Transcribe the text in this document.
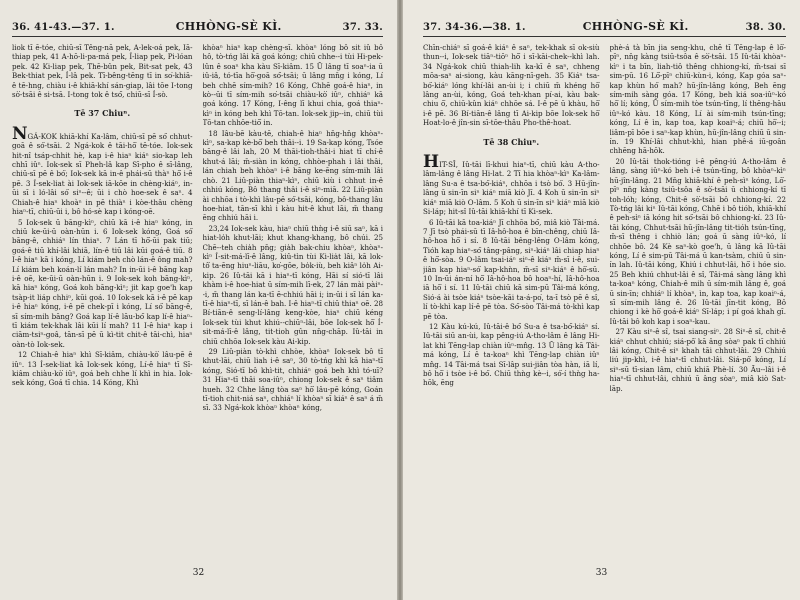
36. 41-43.—37. 1.	CHHÒNG-SÈ KÌ.	37. 33.

liok tī ē-tóe, chiū-sī Têng-nā pek, A-lek-oá pek, Iā-thiap pek, 41 A-hō-li-pa-má pek, Í-liap pek, Pi-lóan pek. 42 Ki-liap pek, Thē-bûn pek, Bit-sat pek, 43 Bek-thiat pek, Í-lâ pek. Tī-bêng-tēng tī in so͘-khiā-ê tē-hng, chiàu i-ê khiā-khí sán-giap, lâi tōe I-tong sò͘-tsāi ê si-tsā. I-tong tok ê tsó͘, chiū-sī Í-sò.

Tē 37 Chiuⁿ.

NGÁ-KOK khiā-khí Ka-lâm, chiū-sī pē só͘ chhut-goā ê só͘-tsāi. 2 Ngá-kok ê tāi-hō͘ tē-tóe. Iok-sek hit-nî tsáp-chhit hè, kap i-ê hiaⁿ kiáⁿ sio-kap leh chhī iûⁿ. Iok-sek sī Pheh-lâ kap Sī-pho ê sī-lâng, chiū-sī pē ê bó͘; Iok-sek kā in-ê phái-sū thàⁿ hō͘ i-ê pē. 3 Í-sek-liat ài Iok-sek iā-kōe in chèng-kiáⁿ, in-ūi sī i ló-lâi só͘ siⁿ--ê; ūi i chò hoe-sek ê saⁿ. 4 Chiah-ê hiaⁿ khoàⁿ in pē thiàⁿ i kòe-thâu chèng hiaⁿ-tī, chiū-ūi i, bô hó-sè kap i kóng-oē.

5 Iok-sek ū bāng-kìⁿ, chiū kā i-ê hiaⁿ kóng, in chiū ke-ūi-ū oàn-hūn i. 6 Iok-sek kóng, Goá só͘ bāng-ê, chhiáⁿ lín thiaⁿ. 7 Lán tī hō͘-ūi pak tiū; goá-ê tiū khí-lâi khiā, lín-ê tiū lâi kūi goá-ê tiū. 8 I-ê hiaⁿ kā i kóng, Lí kiám beh chò lán-ê ông mah? Lí kiám beh koán-lí lán mah? In in-ūi i-ê bāng kap i-ê oē, ke-ūi-ū oàn-hūn i. 9 Iok-sek koh bāng-kìⁿ, kā hiaⁿ kóng, Goá koh bāng-kìⁿ; jit kap goe'h kap tsàp-it liáp chhiⁿ, kūi goá. 10 Iok-sek kā i-ê pē kap i-ê hiaⁿ kóng, i-ê pē chek-pī i kóng, Lí só͘ bāng-ê, sī sím-mih bāng? Goá kap lí-ê lāu-bó͘ kap lí-ê hiaⁿ-tī kiám tek-khak lâi kūi lí mah? 11 I-ê hiaⁿ kap i ciām-tsiⁿ-goâ, tān-sī pē ū kì-tit chit-ê tāi-chì, hiaⁿ oàn-tò Iok-sek.

12 Chiah-ê hiaⁿ khì Sī-kiâm, chiàu-kò͘ lâu-pē ê iûⁿ. 13 Í-sek-liat kā Iok-sek kóng, Lí-ê hiaⁿ tī Sī-kiâm chiàu-kò͘ iûⁿ, goá beh chhe lí khì in hia. Iok-sek kóng, Goá tī chia. 14 Kóng, Khì

khòaⁿ hiaⁿ kap chèng-sī. khòaⁿ lóng bô sit iû bô hô, tò-tńg lâi kā goá kóng; chiū chhe--i tùi Hi-pek-lûn ê soaⁿ kha kàu Sī-kiâm. 15 Ū lâng tī soaⁿ-ia ū iû-iâ, tó-tīa hō͘-goā só͘-tsāi; ū lâng mn̄g i kóng, Lí beh chhē sím-mih? 16 Kóng, Chhē goá-ê hiaⁿ, in kò--ūi tī sím-mih so͘-tsāi chiàu-kò͘ iûⁿ, chhiáⁿ kā goá kóng. 17 Kóng, I-êng lī khui chia, goá thiaⁿ-kìⁿ in kóng beh khì Tō-tan. Iok-sek jip--in, chiū tùi Tō-tan chhōe-tiō͘ in.

18 Iâu-bē kàu-tē, chiah-ê hiaⁿ hn̄g-hn̄g khòaⁿ-kìⁿ, sa-kap kè-bō͘ beh thâi--i. 19 Sa-kap kóng, Tsóe bāng-ê lâi lah, 20 M thāi-tioh-thâi-i hiat tī chí-ê khut-á lāi; m̄-siàn in kóng, chhòe-phah i lâi thâi, lán chiah beh khòaⁿ i-ê bāng ke-ēng sím-mih lâi chò. 21 Liû-piàn thiaⁿ-kìⁿ, chiū kiù i chhut in-ê chhiú kóng, Bô thang thâi i-ê sìⁿ-miā. 22 Liû-piàn ài chhōa i tò-khì lâu-pē só͘-tsāi, kóng, bô-thang lâu hoe-hiat, tān-sī khì i kàu hit-ê khut lāi, m̄ thang ēng chhiú hāi i.

23,24 Iok-sek kàu, hiaⁿ chiū thǹg i-ê siū saⁿ, kā i hiat-lo̍h khut-lāi; khut khang-khang, bô chúi. 25 Chē--teh chia̍h pn̄g; gia̍h bak-chiu khòaⁿ, khòaⁿ-kìⁿ Í-sit-má-lī-ê lâng, kiû-tìn tùi Ki-lia̍t lâi, kā lok-tô͘ ta-ēng hiuⁿ-liāu, ko͘-gōe, bo̍k-iù, beh kiâⁿ lo̍h Ai-kip. 26 Iû-tāi kā i hiaⁿ-tī kóng, Hāi sí sió-tī lâi khàm i-ê hoe-hiat ū sím-mih lī-ek, 27 lán mài pàiⁿ--i, m̄ thang lán ka-tī ē-chhiú hāi i; in-ūi i sī lán ka-tī-ê hiaⁿ-tī, sī lán-ê bah. I-ê hiaⁿ-tī chiū thiaⁿ oē. 28 Bí-tiān-ê seng-lí-lâng keng-kòe, hiaⁿ chiū kéng Iok-sek tùi khut khiú--chiūⁿ-lâi, bōe Iok-sek hō͘ Í-sit-má-lī-ê lâng, tit-tioh gûn nn̄g-chāp. Iû-tāi in chiū chhōa Iok-sek kàu Ai-kip.

29 Liû-piàn tò-khì chhòe, khòaⁿ Iok-sek bô tī khut-lāi, chiū liah i-ê saⁿ, 30 tò-tńg khì kā hiaⁿ-tī kóng, Sió-tī bô khì-tit, chhiáⁿ goá beh khì tó-uī? 31 Hiaⁿ-tī thâi soa-iûⁿ, chiong Iok-sek ê saⁿ tiâm hueh. 32 Chhe lâng tòa saⁿ hō͘ lâu-pē kóng, Goán tī-tioh chit-niá saⁿ, chhiáⁿ lí khòaⁿ sī kiáⁿ ê saⁿ á m̄ sī. 33 Ngá-kok khòaⁿ khòaⁿ kóng,

32
37. 34-36.—38. 1.	CHHÒNG-SÈ KÌ.	38. 30.

Chīn-chiáⁿ sī goá-ê kiáⁿ ê saⁿ, tek-khak sī ok-siù thun--i, Iok-sek tiāⁿ-tiōⁿ hō͘ i sī-kāi-chek--khì lah. 34 Ngá-kok chiū thiah-lih ka-kī ê saⁿ, chheng mōa-saⁿ ai-siong, kàu kāng-nī-geh. 35 Kiáⁿ tsa-bó͘-kiáⁿ lóng khí-lâi an-ùi i; i chiū m̄ khéng hō͘ lâng an-ùi, kóng, Goá teh-khan pí-ai, kàu bak-chiu ō͘, chiū-kûn kiáⁿ chhōe sá. I-ê pē ū khàu, hō͘ i-ê pē. 36 Bí-tiān-ê lâng tī Ai-kip bōe Iok-sek hō͘ Hoat-lo-ê jîn-sin sī-tōe-thâu Pho-thê-hoat.

Tē 38 Chiuⁿ.

HIT-SÎ, Iû-tāi lī-khui hiaⁿ-tī, chiū kàu A-tho-lâm-lâng ê lâng Hi-lat. 2 Tī hia khòaⁿ-kìⁿ Ka-lâm-lâng Su-a ê tsa-bó͘-kiáⁿ, chhōa i tsò bó͘. 3 Hū-jîn-lâng ū sin-īn siⁿ kiáⁿ miā kiò Jī. 4 Koh ū sin-īn siⁿ kiáⁿ miā kiò O-lâm. 5 Koh ū sin-īn siⁿ kiáⁿ miā kiò Si-láp; hit-sî Iû-tāi khiā-khí tī Ki-sek.

6 Iû-tāi kā toa-kiáⁿ Jī chhōa bó͘, miâ kiò Tâi-má. 7 Jī tsò phái-sū tī Iâ-hô-hoa ê bīn-chêng, chiū Iâ-hô-hoa hō͘ i sí. 8 Iû-tāi bêng-lêng O-lâm kóng, Tióh kap hiaⁿ-só͘ tâng-pâng, siⁿ-kiáⁿ lâi chiap hiaⁿ ê hō͘-sòa. 9 O-lâm tsai-iáⁿ siⁿ-ê kiáⁿ m̄-sī i-ê, sui-jiân kap hiaⁿ-só͘ kap-khǹn, m̄-sī siⁿ-kiáⁿ ê hō͘-sū. 10 In-ūi án-ní hō͘ Iâ-hô-hoa bô hoaⁿ-hí, Iâ-hô-hoa iā hō͘ i sí. 11 Iû-tāi chiū kā sim-pū Tâi-má kóng, Sió-á ài tsòe kiáⁿ tsòe-kāi ta-á-po͘, ta-ī tsò pē ê sî, lí tò-khì kap lí-ê pē tòa. Só͘-sòo Tâi-má tò-khì kap pē tòa.

12 Kàu kú-kú, Iû-tāi-ê bó͘ Su-a ê tsa-bó͘-kiáⁿ sí. Iû-tāi siū an-ùi, kap pêng-iú A-tho-lâm ê lâng Hi-lat khì Tēng-lap chiàn iûⁿ-mn̂g. 13 Ū lâng kā Tâi-má kóng, Lí ê ta-koaⁿ khì Tēng-lap chiàn iûⁿ mn̂g. 14 Tâi-má tsai Sī-lâp sui-jiân tòa hàn, iā lí, bô hō͘ i tsòe i-ê bó͘. Chiū thǹg kè--i, só͘-í thǹg ha-hōk, ēng

phè-á tà bīn jia seng-khu, chē tī Tēng-lap ê lō͘-pīⁿ, nn̄g kàng tsiū-tsôa ê sò͘-tsāi. 15 Iû-tāi khòaⁿ-kìⁿ i ta bīn, liah-tiô thêng chhiong-kí, m̄-tsai sī sim-pū. 16 Lō͘-pīⁿ chiū-kùn-i, kóng, Kap góa saⁿ-kap khùn hó͘ mah? hū-jîn-lâng kóng, Beh ēng sím-mih sàng góa. 17 Kóng, beh kiá soa-iûⁿ-kó hō͘ lí; kóng, Ū sím-mih tòe tsún-tīng, lí thēng-hāu iûⁿ-kó kàu. 18 Kóng, Lí ài sím-mih tsún-tīng; kóng, Lí ê ìn, kap toa, kap koaiⁿ-á; chiū hō͘--i; liâm-pī bōe i saⁿ-kap khùn, hū-jîn-lâng chiū ū sin-īn. 19 Khí-lâi chhut-khì, hian phê-á iū-goân chhēng hā-hōk.

20 Iû-tāi thok-tióng i-ê pêng-iú A-tho-lâm ê lâng, sàng iûⁿ-kó beh i-ê tsún-tīng, bô khòaⁿ-kìⁿ hū-jîn-lâng. 21 Mn̄g khiā-khí ê peh-sìⁿ kóng, Lō͘-pīⁿ nn̄g kàng tsiū-tsôa ê sò͘-tsāi ū chhiong-kí tī toh-lóh; kóng, Chit-ê sò͘-tsāi bô chhiong-kí. 22 Tò-tńg lâi kiⁿ Iû-tāi kóng, Chhē i bô tióh, khiā-khí ê peh-sìⁿ iā kóng hit só͘-tsāi bô chhiong-kí. 23 Iû-tāi kóng, Chhut-tsāi hū-jîn-lâng tit-tióh tsún-tīng, m̄-sī thêng i chhiò lán; goá ū sàng iûⁿ-kó, lí chhōe bô. 24 Kè saⁿ-kò goe'h, ū lâng kā Iû-tāi kóng, Lí ê sim-pū Tâi-má ū kan-tsàm, chiū ū sin-īn lah. Iû-tāi kóng, Khiú i chhut-lâi, hō͘ i hóe sio. 25 Beh khiú chhut-lâi ê sî, Tâi-má sàng lâng khì ta-koaⁿ kóng, Chiah-ê mih ū sím-mih lâng ê, goá ū sin-īn; chhiáⁿ lí khòaⁿ, ìn, kap toa, kap koaiⁿ-á, sī sím-mih lâng ê. 26 Iû-tāi jīn-tit kóng, Bô chiong i kè hō͘ goá-ê kiáⁿ Sī-láp; i pí goá khah gī. Iû-tāi bô koh kap i soaⁿ-kau.

27 Kàu siⁿ-ê sî, tsai siang-siⁿ. 28 Siⁿ-ê sî, chit-ê kiáⁿ chhut chhiú; siá-pô͘ kā âng sòaⁿ pak tī chhiú lâi kóng, Chit-ê siⁿ khah tāi chhut-lâi. 29 Chhiú liú jip-khì, i-ê hiaⁿ-tī chhut-lâi. Siá-pô͘ kóng, Lí siⁿ-sū tī-sian lâm, chiū khiā Phè-lí. 30 Āu--lâi i-ê hiaⁿ-tī chhut-lâi, chhiú ū âng sòaⁿ, miâ kiò Sat-lāp.

33
